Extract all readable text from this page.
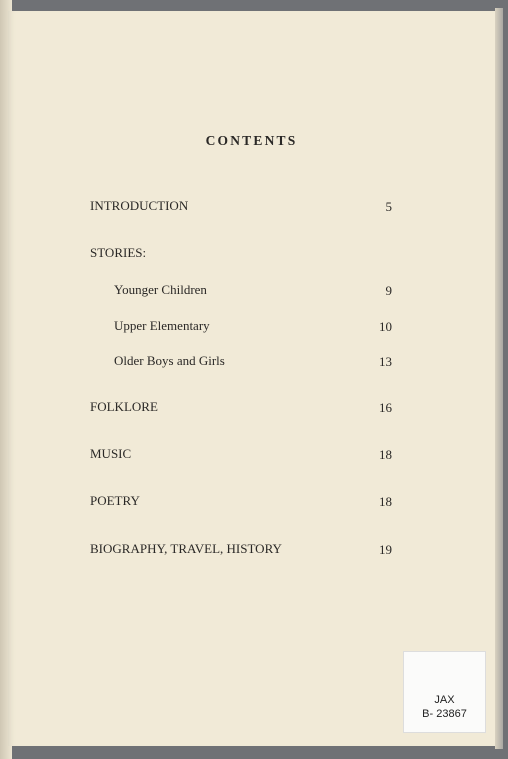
CONTENTS
INTRODUCTION	5
STORIES:
Younger Children	9
Upper Elementary	10
Older Boys and Girls	13
FOLKLORE	16
MUSIC	18
POETRY	18
BIOGRAPHY, TRAVEL, HISTORY	19
JAX
B- 23867
